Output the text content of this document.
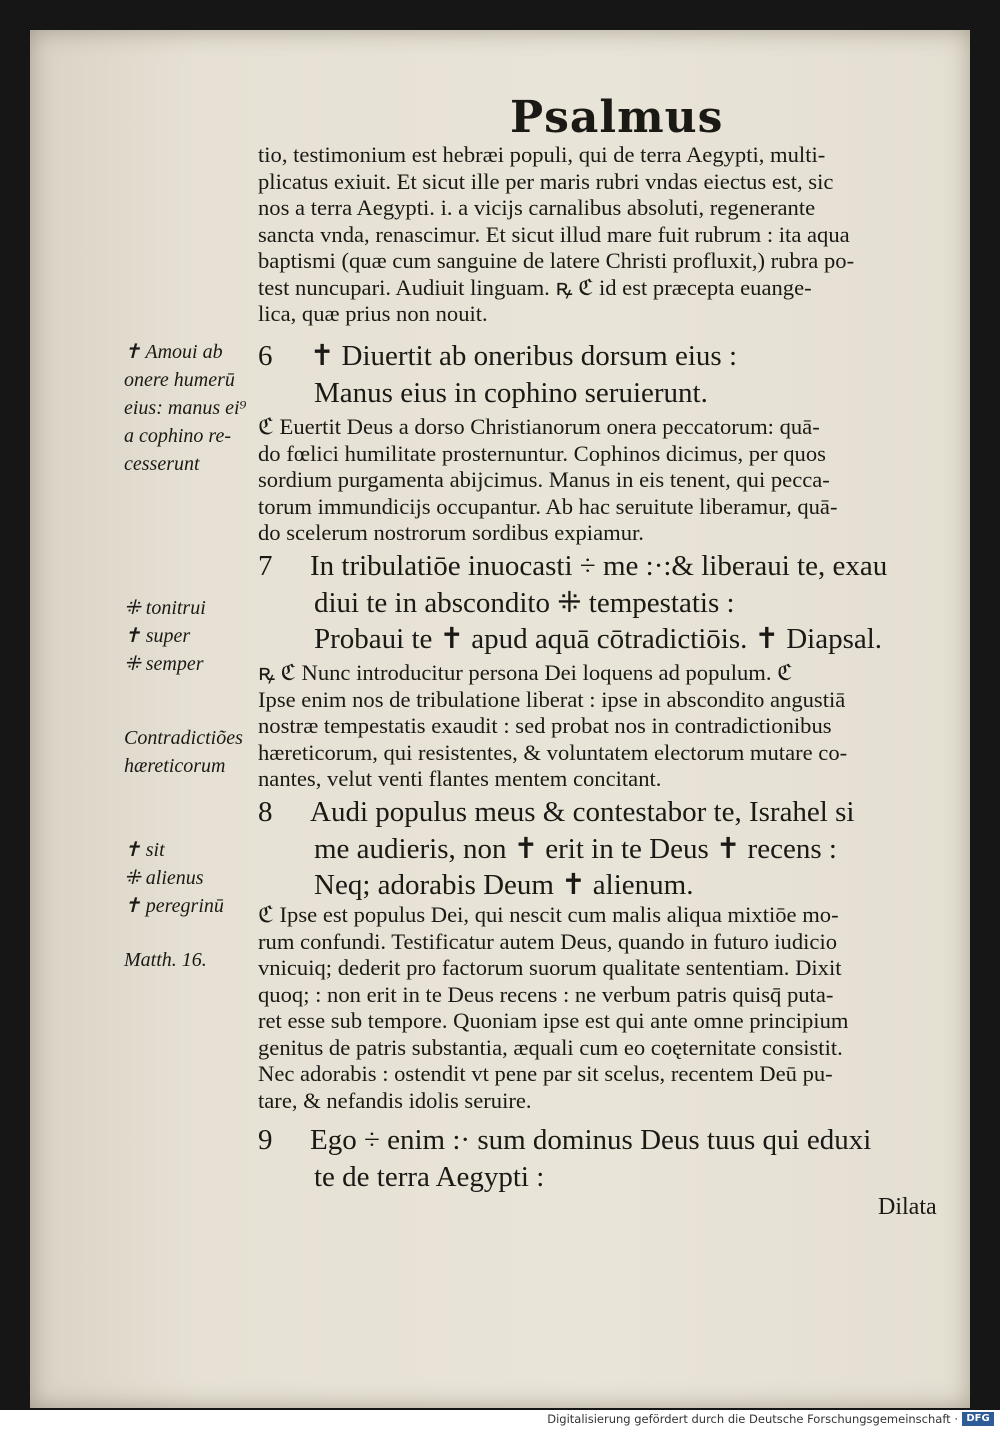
Psalmus
tio, testimonium est hebræi populi, qui de terra Aegypti, multi-
plicatus exiuit. Et sicut ille per maris rubri vndas eiectus est, sic
nos a terra Aegypti. i. a vicijs carnalibus absoluti, regenerante
sancta vnda, renascimur. Et sicut illud mare fuit rubrum : ita aqua
baptismi (quæ cum sanguine de latere Christi profluxit,) rubra po-
test nuncupari. Audiuit linguam. ꝶ ℭ id est præcepta euange-
lica, quæ prius non nouit.
6 ✝ Diuertit ab oneribus dorsum eius :
Manus eius in cophino seruierunt.
ℭ Euertit Deus a dorso Christianorum onera peccatorum: quā-
do fœlici humilitate prosternuntur. Cophinos dicimus, per quos
sordium purgamenta abijcimus. Manus in eis tenent, qui pecca-
torum immundicijs occupantur. Ab hac seruitute liberamur, quā-
do scelerum nostrorum sordibus expiamur.
7 In tribulatiōe inuocasti ÷ me :·:& liberaui te, exau
diui te in abscondito ⁜ tempestatis :
Probaui te ✝ apud aquā cōtradictiōis. ✝ Diapsal.
ꝶ ℭ Nunc introducitur persona Dei loquens ad populum. ℭ
Ipse enim nos de tribulatione liberat : ipse in abscondito angustiā
nostræ tempestatis exaudit : sed probat nos in contradictionibus
hæreticorum, qui resistentes, & voluntatem electorum mutare co-
nantes, velut venti flantes mentem concitant.
8 Audi populus meus & contestabor te, Israhel si
me audieris, non ✝ erit in te Deus ✝ recens :
Neq; adorabis Deum ✝ alienum.
ℭ Ipse est populus Dei, qui nescit cum malis aliqua mixtiōe mo-
rum confundi. Testificatur autem Deus, quando in futuro iudicio
vnicuiq; dederit pro factorum suorum qualitate sententiam. Dixit
quoq; : non erit in te Deus recens : ne verbum patris quisq̄ puta-
ret esse sub tempore. Quoniam ipse est qui ante omne principium
genitus de patris substantia, æquali cum eo coęternitate consistit.
Nec adorabis : ostendit vt pene par sit scelus, recentem Deū pu-
tare, & nefandis idolis seruire.
9 Ego ÷ enim :· sum dominus Deus tuus qui eduxi
te de terra Aegypti :
Dilata
✝ Amoui ab
onere humerū
eius: manus ei⁹
a cophino re-
cesserunt
⁜ tonitrui
✝ super
⁜ semper
Contradictiões
hæreticorum
✝ sit
⁜ alienus
✝ peregrinū
Matth. 16.
Digitalisierung gefördert durch die Deutsche Forschungsgemeinschaft · DFG
